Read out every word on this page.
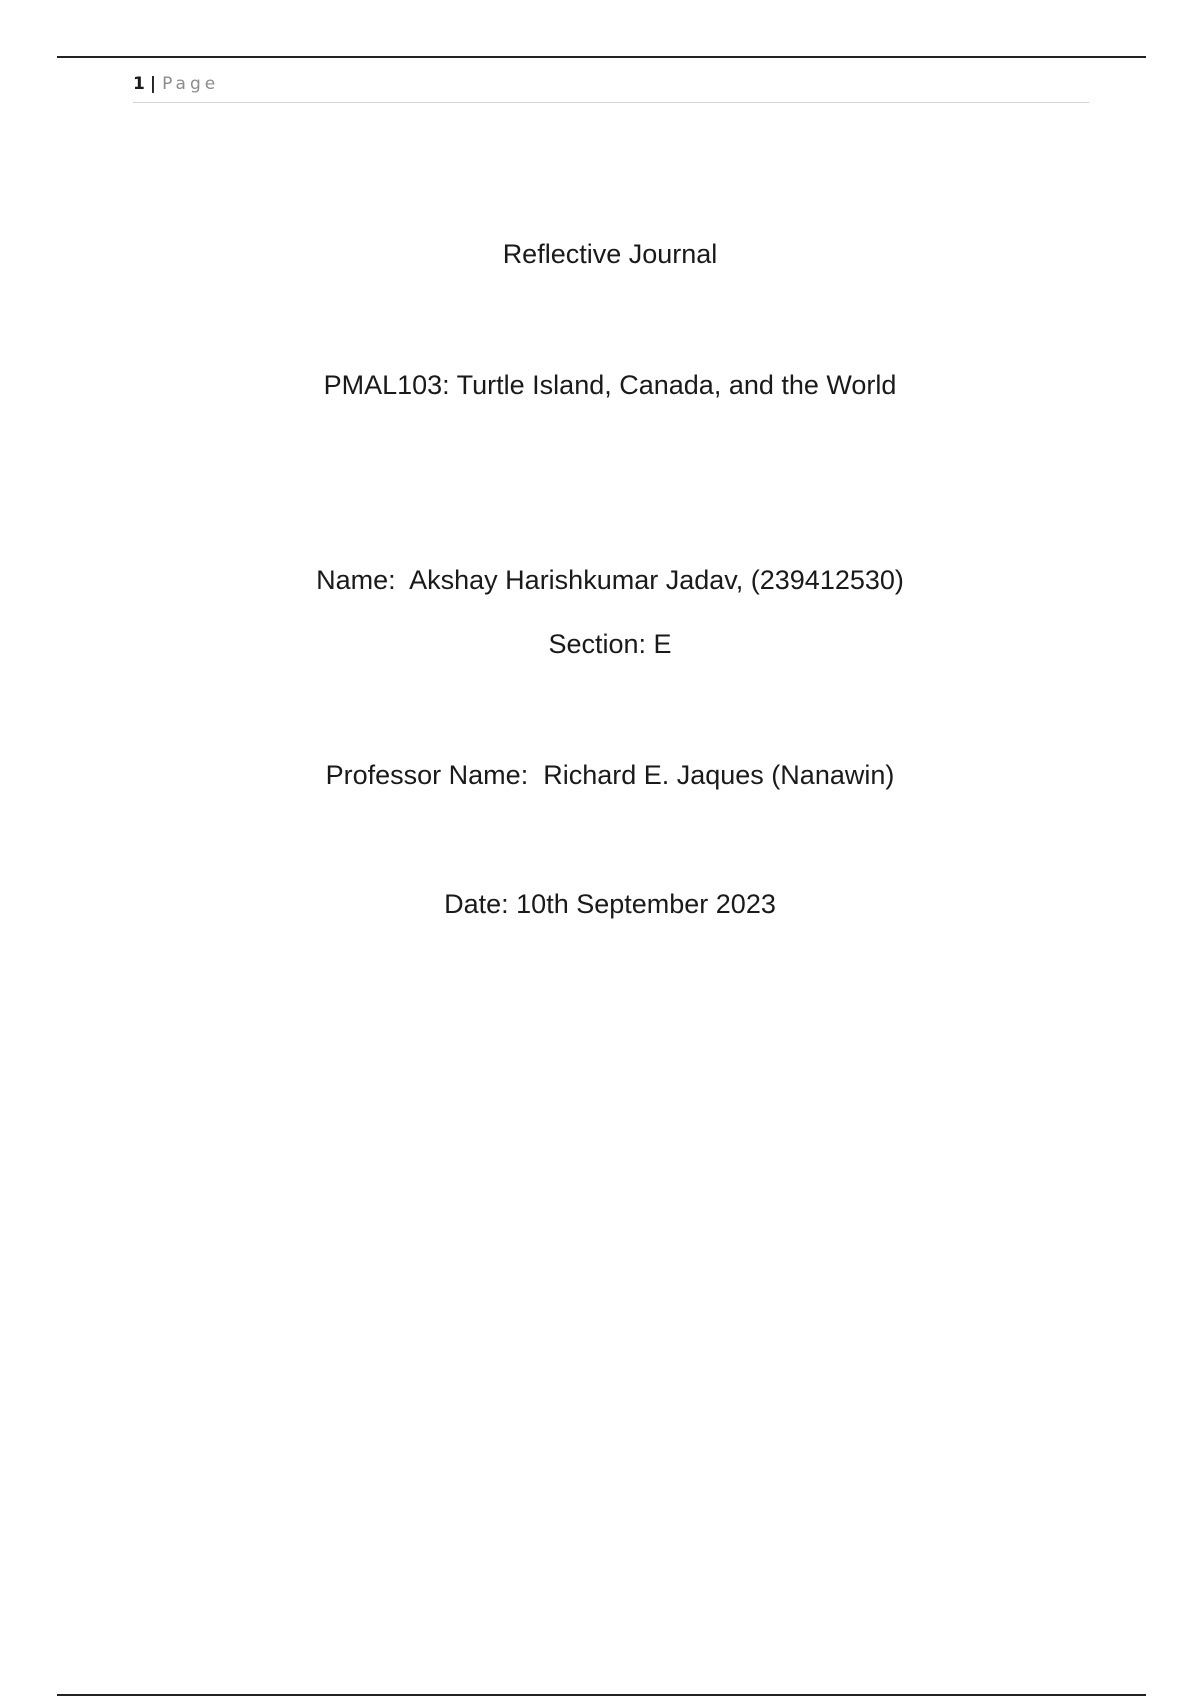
1 | Page
Reflective Journal
PMAL103: Turtle Island, Canada, and the World
Name:  Akshay Harishkumar Jadav, (239412530)
Section: E
Professor Name:  Richard E. Jaques (Nanawin)
Date: 10th September 2023
